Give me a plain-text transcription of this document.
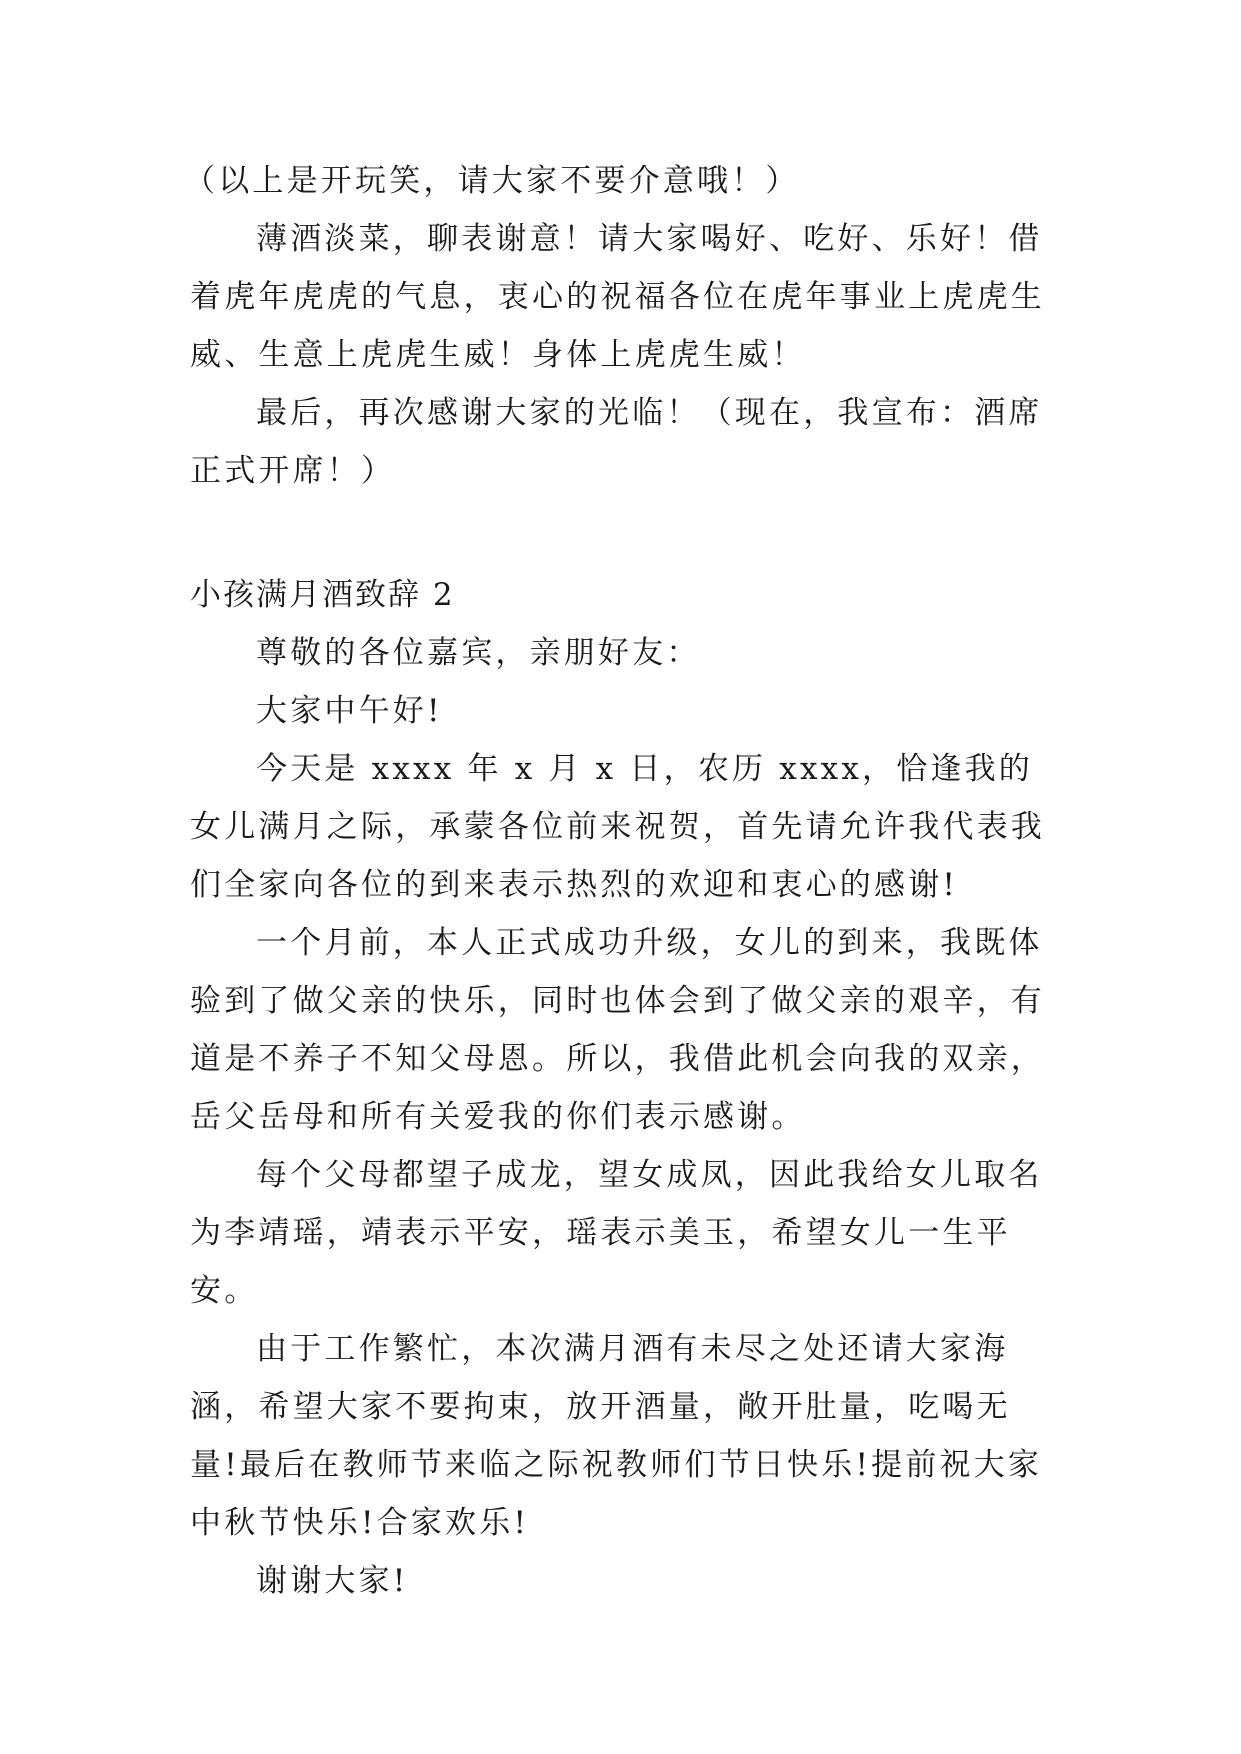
（以上是开玩笑，请大家不要介意哦！）

薄酒淡菜，聊表谢意！请大家喝好、吃好、乐好！借着虎年虎虎的气息，衷心的祝福各位在虎年事业上虎虎生威、生意上虎虎生威！身体上虎虎生威！

最后，再次感谢大家的光临！（现在，我宣布：酒席正式开席！）

小孩满月酒致辞 2

尊敬的各位嘉宾，亲朋好友：

大家中午好!

今天是 xxxx 年 x 月 x 日，农历 xxxx，恰逢我的女儿满月之际，承蒙各位前来祝贺，首先请允许我代表我们全家向各位的到来表示热烈的欢迎和衷心的感谢!

一个月前，本人正式成功升级，女儿的到来，我既体验到了做父亲的快乐，同时也体会到了做父亲的艰辛，有道是不养子不知父母恩。所以，我借此机会向我的双亲，岳父岳母和所有关爱我的你们表示感谢。

每个父母都望子成龙，望女成凤，因此我给女儿取名为李靖瑶，靖表示平安，瑶表示美玉，希望女儿一生平安。

由于工作繁忙，本次满月酒有未尽之处还请大家海涵，希望大家不要拘束，放开酒量，敞开肚量，吃喝无量!最后在教师节来临之际祝教师们节日快乐!提前祝大家中秋节快乐!合家欢乐!

谢谢大家!
